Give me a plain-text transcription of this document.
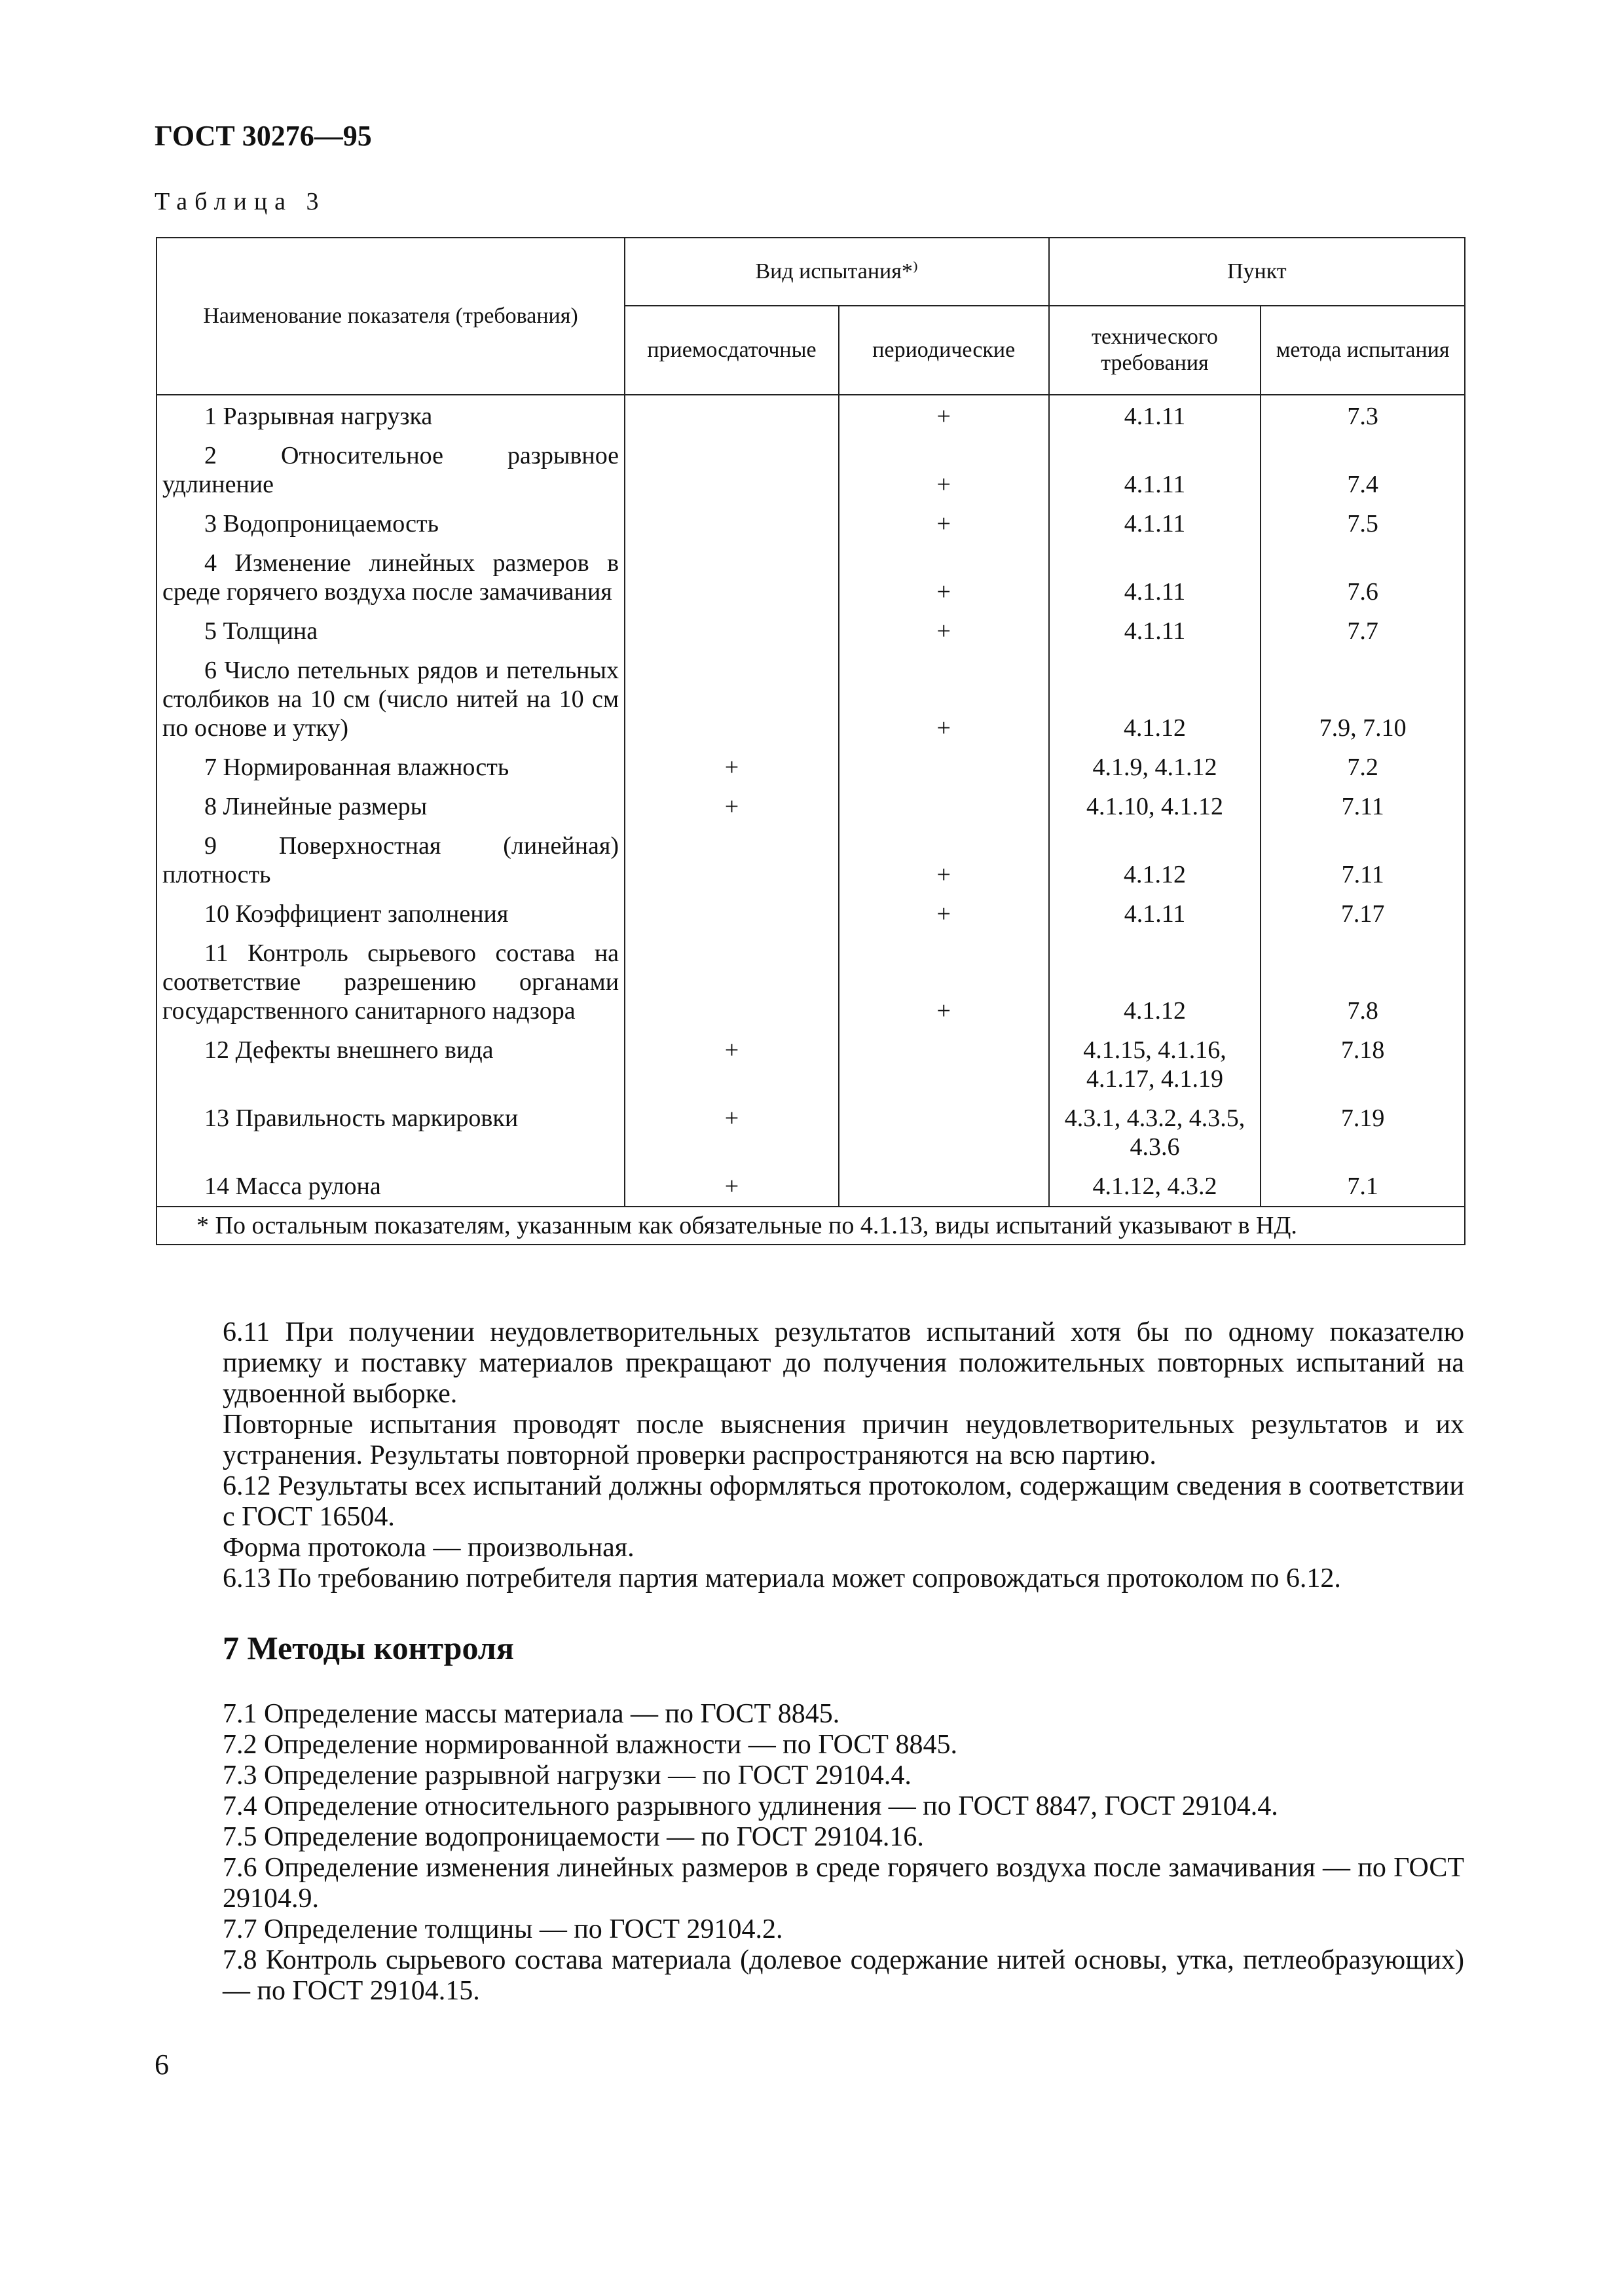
ГОСТ 30276—95
Таблица 3
Наименование показателя (требования)	Вид испытания*⁾		Пункт	
	приемосдаточные	периодические	технического требования	метода испытания
1 Разрывная нагрузка		+	4.1.11	7.3
2 Относительное разрывное удлинение		+	4.1.11	7.4
3 Водопроницаемость		+	4.1.11	7.5
4 Изменение линейных размеров в среде горячего воздуха после замачивания		+	4.1.11	7.6
5 Толщина		+	4.1.11	7.7
6 Число петельных рядов и петельных столбиков на 10 см (число нитей на 10 см по основе и утку)		+	4.1.12	7.9, 7.10
7 Нормированная влажность	+		4.1.9, 4.1.12	7.2
8 Линейные размеры	+		4.1.10, 4.1.12	7.11
9 Поверхностная (линейная) плотность		+	4.1.12	7.11
10 Коэффициент заполнения		+	4.1.11	7.17
11 Контроль сырьевого состава на соответствие разрешению органами государственного санитарного надзора		+	4.1.12	7.8
12 Дефекты внешнего вида	+		4.1.15, 4.1.16, 4.1.17, 4.1.19	7.18
13 Правильность маркировки	+		4.3.1, 4.3.2, 4.3.5, 4.3.6	7.19
14 Масса рулона	+		4.1.12, 4.3.2	7.1
* По остальным показателям, указанным как обязательные по 4.1.13, виды испытаний указывают в НД.				
6.11 При получении неудовлетворительных результатов испытаний хотя бы по одному показателю приемку и поставку материалов прекращают до получения положительных повторных испытаний на удвоенной выборке.
Повторные испытания проводят после выяснения причин неудовлетворительных результатов и их устранения. Результаты повторной проверки распространяются на всю партию.
6.12 Результаты всех испытаний должны оформляться протоколом, содержащим сведения в соответствии с ГОСТ 16504.
Форма протокола — произвольная.
6.13 По требованию потребителя партия материала может сопровождаться протоколом по 6.12.
7 Методы контроля
7.1 Определение массы материала — по ГОСТ 8845.
7.2 Определение нормированной влажности — по ГОСТ 8845.
7.3 Определение разрывной нагрузки — по ГОСТ 29104.4.
7.4 Определение относительного разрывного удлинения — по ГОСТ 8847, ГОСТ 29104.4.
7.5 Определение водопроницаемости — по ГОСТ 29104.16.
7.6 Определение изменения линейных размеров в среде горячего воздуха после замачивания — по ГОСТ 29104.9.
7.7 Определение толщины — по ГОСТ 29104.2.
7.8 Контроль сырьевого состава материала (долевое содержание нитей основы, утка, петлеобразующих) — по ГОСТ 29104.15.
6
